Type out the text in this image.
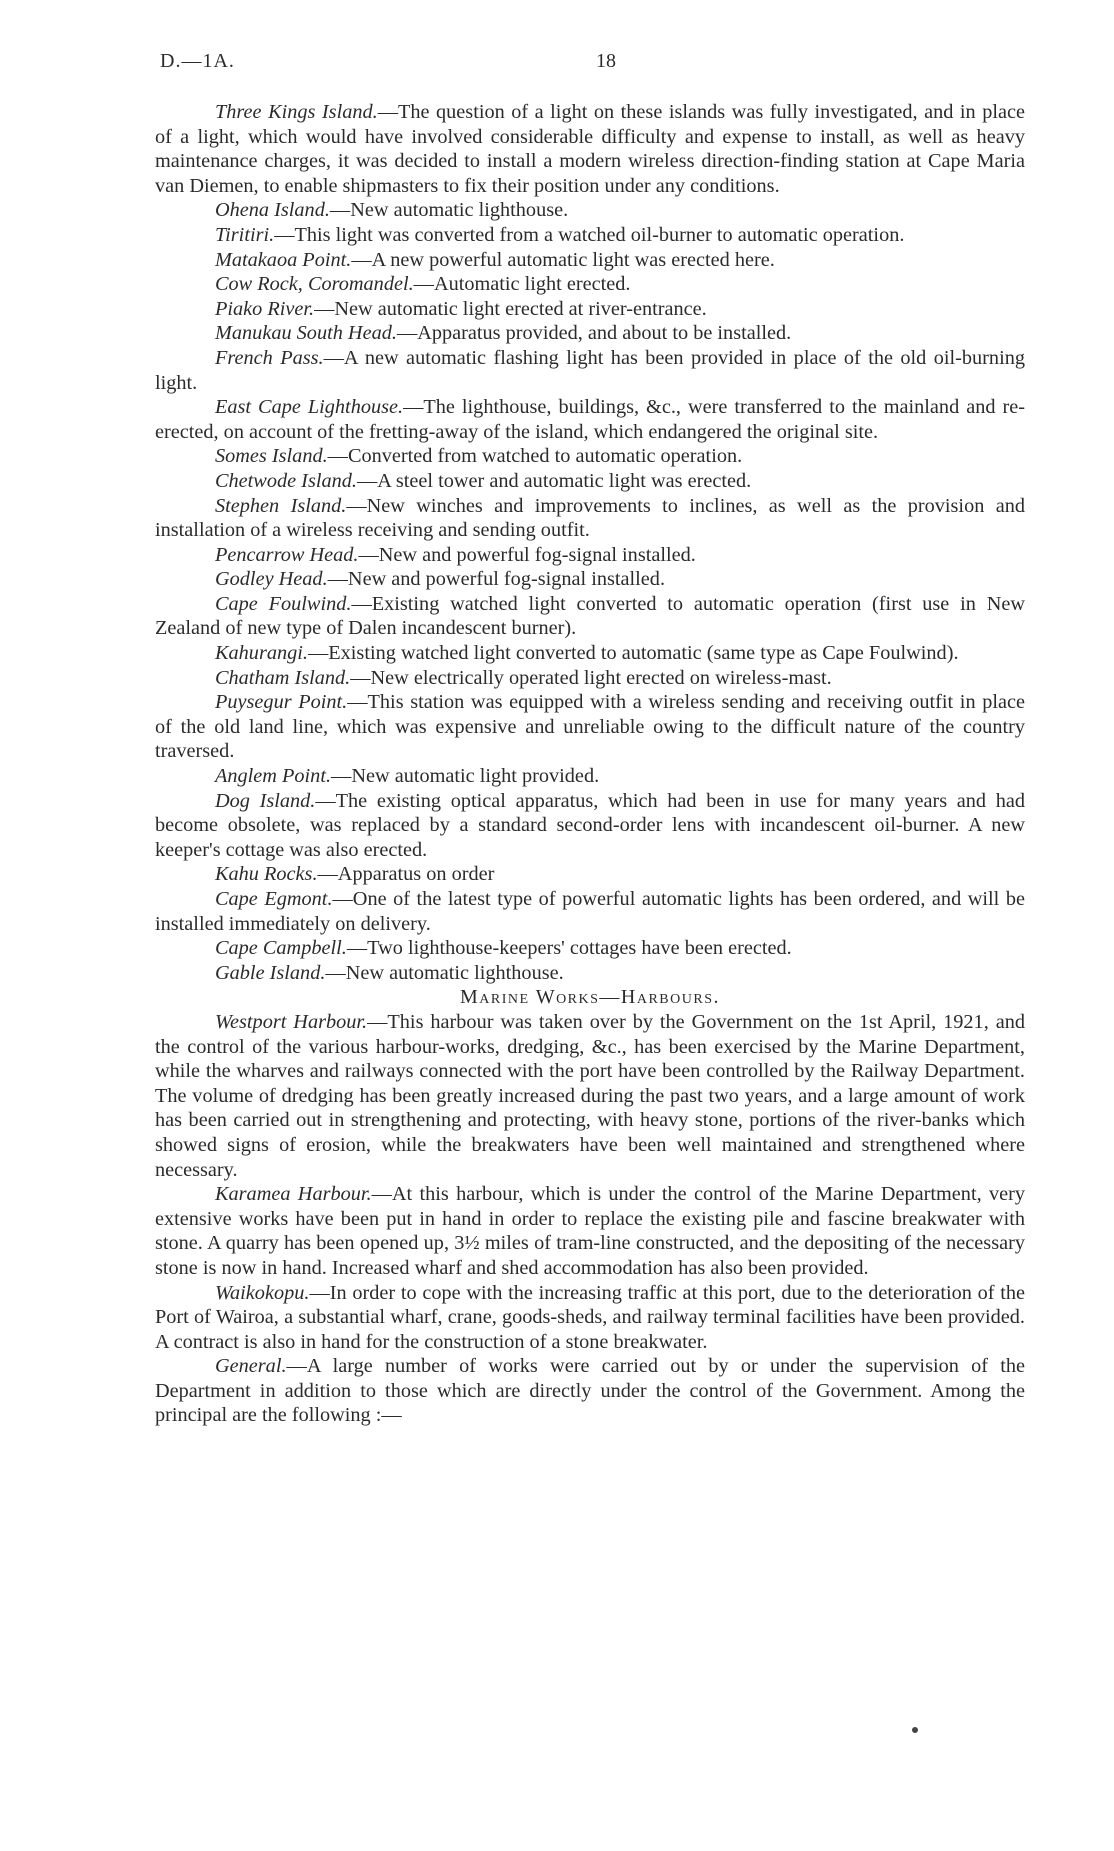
D.—1A.	18

Three Kings Island.—The question of a light on these islands was fully investigated, and in place of a light, which would have involved considerable difficulty and expense to install, as well as heavy maintenance charges, it was decided to install a modern wireless direction-finding station at Cape Maria van Diemen, to enable shipmasters to fix their position under any conditions.

Ohena Island.—New automatic lighthouse.

Tiritiri.—This light was converted from a watched oil-burner to automatic operation.

Matakaoa Point.—A new powerful automatic light was erected here.

Cow Rock, Coromandel.—Automatic light erected.

Piako River.—New automatic light erected at river-entrance.

Manukau South Head.—Apparatus provided, and about to be installed.

French Pass.—A new automatic flashing light has been provided in place of the old oil-burning light.

East Cape Lighthouse.—The lighthouse, buildings, &c., were transferred to the mainland and re-erected, on account of the fretting-away of the island, which endangered the original site.

Somes Island.—Converted from watched to automatic operation.

Chetwode Island.—A steel tower and automatic light was erected.

Stephen Island.—New winches and improvements to inclines, as well as the provision and installation of a wireless receiving and sending outfit.

Pencarrow Head.—New and powerful fog-signal installed.

Godley Head.—New and powerful fog-signal installed.

Cape Foulwind.—Existing watched light converted to automatic operation (first use in New Zealand of new type of Dalen incandescent burner).

Kahurangi.—Existing watched light converted to automatic (same type as Cape Foulwind).

Chatham Island.—New electrically operated light erected on wireless-mast.

Puysegur Point.—This station was equipped with a wireless sending and receiving outfit in place of the old land line, which was expensive and unreliable owing to the difficult nature of the country traversed.

Anglem Point.—New automatic light provided.

Dog Island.—The existing optical apparatus, which had been in use for many years and had become obsolete, was replaced by a standard second-order lens with incandescent oil-burner. A new keeper's cottage was also erected.

Kahu Rocks.—Apparatus on order

Cape Egmont.—One of the latest type of powerful automatic lights has been ordered, and will be installed immediately on delivery.

Cape Campbell.—Two lighthouse-keepers' cottages have been erected.

Gable Island.—New automatic lighthouse.

Marine Works—Harbours.

Westport Harbour.—This harbour was taken over by the Government on the 1st April, 1921, and the control of the various harbour-works, dredging, &c., has been exercised by the Marine Department, while the wharves and railways connected with the port have been controlled by the Railway Department. The volume of dredging has been greatly increased during the past two years, and a large amount of work has been carried out in strengthening and protecting, with heavy stone, portions of the river-banks which showed signs of erosion, while the breakwaters have been well maintained and strengthened where necessary.

Karamea Harbour.—At this harbour, which is under the control of the Marine Department, very extensive works have been put in hand in order to replace the existing pile and fascine breakwater with stone. A quarry has been opened up, 3½ miles of tram-line constructed, and the depositing of the necessary stone is now in hand. Increased wharf and shed accommodation has also been provided.

Waikokopu.—In order to cope with the increasing traffic at this port, due to the deterioration of the Port of Wairoa, a substantial wharf, crane, goods-sheds, and railway terminal facilities have been provided. A contract is also in hand for the construction of a stone breakwater.

General.—A large number of works were carried out by or under the supervision of the Department in addition to those which are directly under the control of the Government. Among the principal are the following :—
